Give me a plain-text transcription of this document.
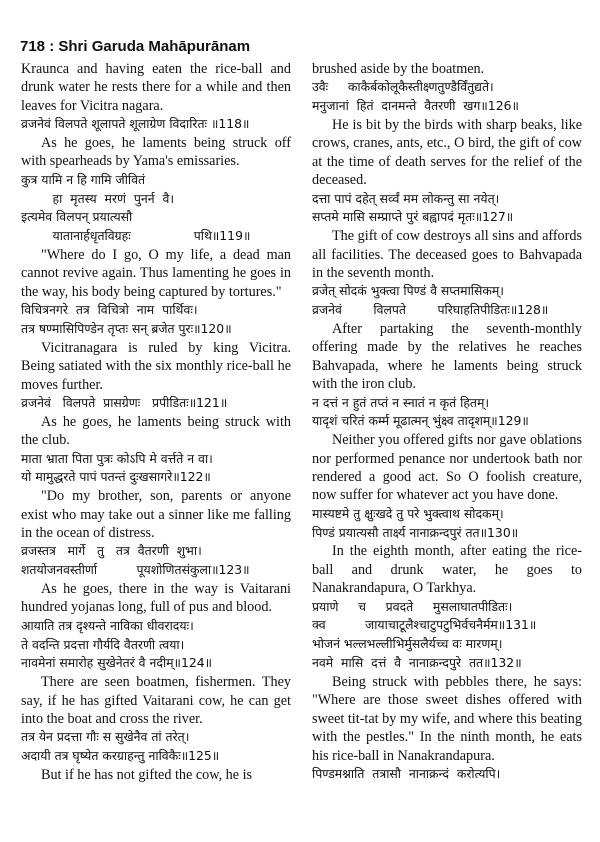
718 : Shri Garuda Mahāpurānam
Kraunca and having eaten the rice-ball and drunk water he rests there for a while and then leaves for Vicitra nagara.
व्रजनेवं विलपते शूलापते शूलाग्रेण विदारितः ॥118॥
As he goes, he laments being struck off with spearheads by Yama's emissaries.
कुत्र यामि न हि गामि जीवितं
हा  मृतस्य  मरणं  पुनर्न  वै।
इत्यमेव विलपन् प्रयात्यसौ
यातानार्हधृतविग्रहः                पथि॥119॥
"Where do I go, O my life, a dead man cannot revive again. Thus lamenting he goes in the way, his body being captured by tortures."
विचित्रनगरे  तत्र  विचित्रो  नाम  पार्थिवः।
तत्र षण्मासिपिण्डेन तृप्तः सन् ब्रजेत पुरः॥120॥
Vicitranagara is ruled by king Vicitra. Being satiated with the six monthly rice-ball he moves further.
व्रजनेवं   विलपते  प्रासग्रेणः   प्रपीडितः॥121॥
As he goes, he laments being struck with the club.
माता भ्राता पिता पुत्रः कोऽपि मे वर्त्तते न वा।
यो मामुद्धरते पापं पतन्तं दुःखसागरे॥122॥
"Do my brother, son, parents or anyone exist who may take out a sinner like me falling in the ocean of distress.
व्रजस्तत्र   मार्गे   तु   तत्र  वैतरणी  शुभा।
शतयोजनवस्तीर्णा          पूयशोणितसंकुला॥123॥
As he goes, there in the way is Vaitarani hundred yojanas long, full of pus and blood.
आयाति तत्र दृश्यन्ते नाविका धीवरादयः।
ते वदन्ति प्रदत्ता गौर्यदि वैतरणी त्वया।
नावमेनां समारोह सुखेनेतरं वै नदीम्॥124॥
There are seen boatmen, fishermen. They say, if he has gifted Vaitarani cow, he can get into the boat and cross the river.
तत्र येन प्रदत्ता गौः स सुखेनैव तां तरेत्।
अदायी तत्र घृष्येत करग्राहन्तु नाविकैः॥125॥
But if he has not gifted the cow, he is
brushed aside by the boatmen.
उवैः     काकैर्बकोलूकैस्तीक्ष्णतुण्डैर्विंतुद्यते।
मनुजानां  हितं  दानमन्ते  वैतरणी  खग॥126॥
He is bit by the birds with sharp beaks, like crows, cranes, ants, etc., O bird, the gift of cow at the time of death serves for the relief of the deceased.
दत्ता पापं दहेत् सर्व्वं मम लोकन्तु सा नयेत्।
सप्तमे मासि सम्प्राप्ते पुरं बह्वापदं मृतः॥127॥
The gift of cow destroys all sins and affords all facilities. The deceased goes to Bahvapada in the seventh month.
व्रजेत् सोदकं भुक्त्वा पिण्डं वै सप्तमासिकम्।
व्रजनेवं        विलपते        परिघाहतिपीडितः॥128॥
After partaking the seventh-monthly offering made by the relatives he reaches Bahvapada, where he laments being struck with the iron club.
न दत्तं न हुतं तप्तं न स्नातं न कृतं हितम्।
यादृशं चरितं कर्म्म मूढात्मन् भुंक्ष्व तादृशम्॥129॥
Neither you offered gifts nor gave oblations nor performed penance nor undertook bath nor rendered a good act. So O foolish creature, now suffer for whatever act you have done.
मास्यष्टमे तु क्षुःखदे तु परे भुक्त्वाथ सोदकम्।
पिण्डं प्रयात्यसौ तार्क्ष्य नानाक्रन्दपुरं तत॥130॥
In the eighth month, after eating the rice-ball and drunk water, he goes to Nanakrandapura, O Tarkhya.
प्रयाणे     च     प्रवदते     मुसलाघातपीडितः।
क्व          जायाचाटूलैश्चाटुपटुभिर्वचनैर्मम॥131॥
भोजनं भल्लभल्लीभिर्मुसलैर्यच्च वः मारणम्।
नवमे  मासि  दत्तं  वै  नानाक्रन्दपुरे  तत॥132॥
Being struck with pebbles there, he says: "Where are those sweet dishes offered with sweet tit-tat by my wife, and where this beating with the pestles." In the ninth month, he eats his rice-ball in Nanakrandapura.
पिण्डमश्नाति  तत्रासौ  नानाक्रन्दं  करोत्यपि।
